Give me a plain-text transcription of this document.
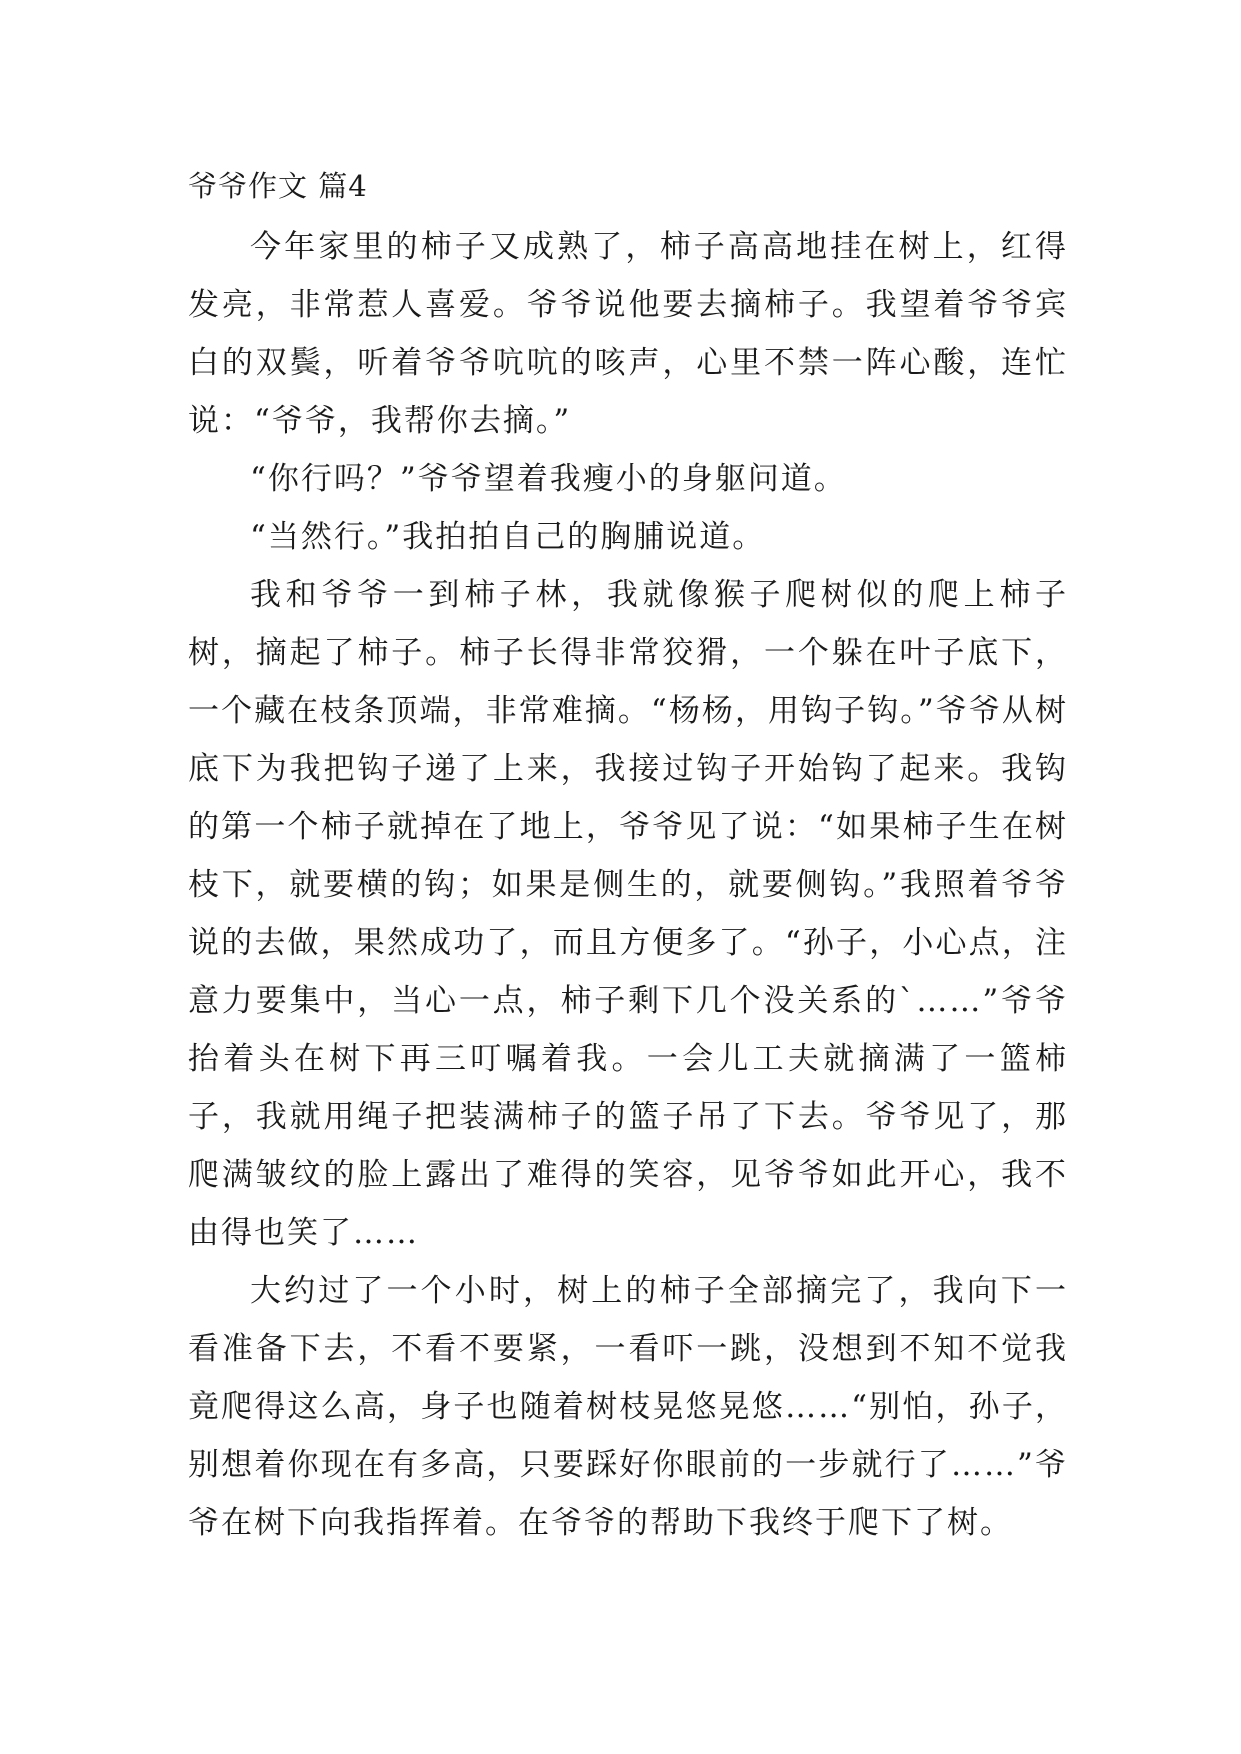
爷爷作文 篇4

今年家里的柿子又成熟了，柿子高高地挂在树上，红得发亮，非常惹人喜爱。爷爷说他要去摘柿子。我望着爷爷宾白的双鬓，听着爷爷吭吭的咳声，心里不禁一阵心酸，连忙说：“爷爷，我帮你去摘。”

“你行吗？”爷爷望着我瘦小的身躯问道。

“当然行。”我拍拍自己的胸脯说道。

我和爷爷一到柿子林，我就像猴子爬树似的爬上柿子树，摘起了柿子。柿子长得非常狡猾，一个躲在叶子底下，一个藏在枝条顶端，非常难摘。“杨杨，用钩子钩。”爷爷从树底下为我把钩子递了上来，我接过钩子开始钩了起来。我钩的第一个柿子就掉在了地上，爷爷见了说：“如果柿子生在树枝下，就要横的钩；如果是侧生的，就要侧钩。”我照着爷爷说的去做，果然成功了，而且方便多了。“孙子，小心点，注意力要集中，当心一点，柿子剩下几个没关系的`……”爷爷抬着头在树下再三叮嘱着我。一会儿工夫就摘满了一篮柿子，我就用绳子把装满柿子的篮子吊了下去。爷爷见了，那爬满皱纹的脸上露出了难得的笑容，见爷爷如此开心，我不由得也笑了……

大约过了一个小时，树上的柿子全部摘完了，我向下一看准备下去，不看不要紧，一看吓一跳，没想到不知不觉我竟爬得这么高，身子也随着树枝晃悠晃悠……“别怕，孙子，别想着你现在有多高，只要踩好你眼前的一步就行了……”爷爷在树下向我指挥着。在爷爷的帮助下我终于爬下了树。
